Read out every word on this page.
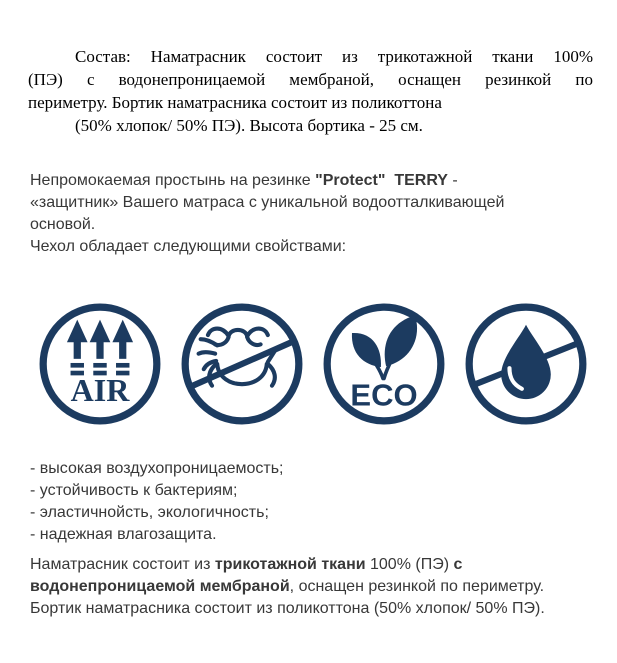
Состав: Наматрасник состоит из трикотажной ткани 100%
(ПЭ) с водонепроницаемой мембраной, оснащен резинкой по
периметру. Бортик наматрасника состоит из поликоттона
(50% хлопок/ 50% ПЭ). Высота бортика - 25 см.
Непромокаемая простынь на резинке "Protect"  TERRY -
«защитник» Вашего матраса с уникальной водоотталкивающей
основой.
Чехол обладает следующими свойствами:
AIR	ECO
- высокая воздухопроницаемость;
- устойчивость к бактериям;
- эластичнойсть, экологичность;
- надежная влагозащита.
Наматрасник состоит из трикотажной ткани 100% (ПЭ) с
водонепроницаемой мембраной, оснащен резинкой по периметру.
Бортик наматрасника состоит из поликоттона (50% хлопок/ 50% ПЭ).
